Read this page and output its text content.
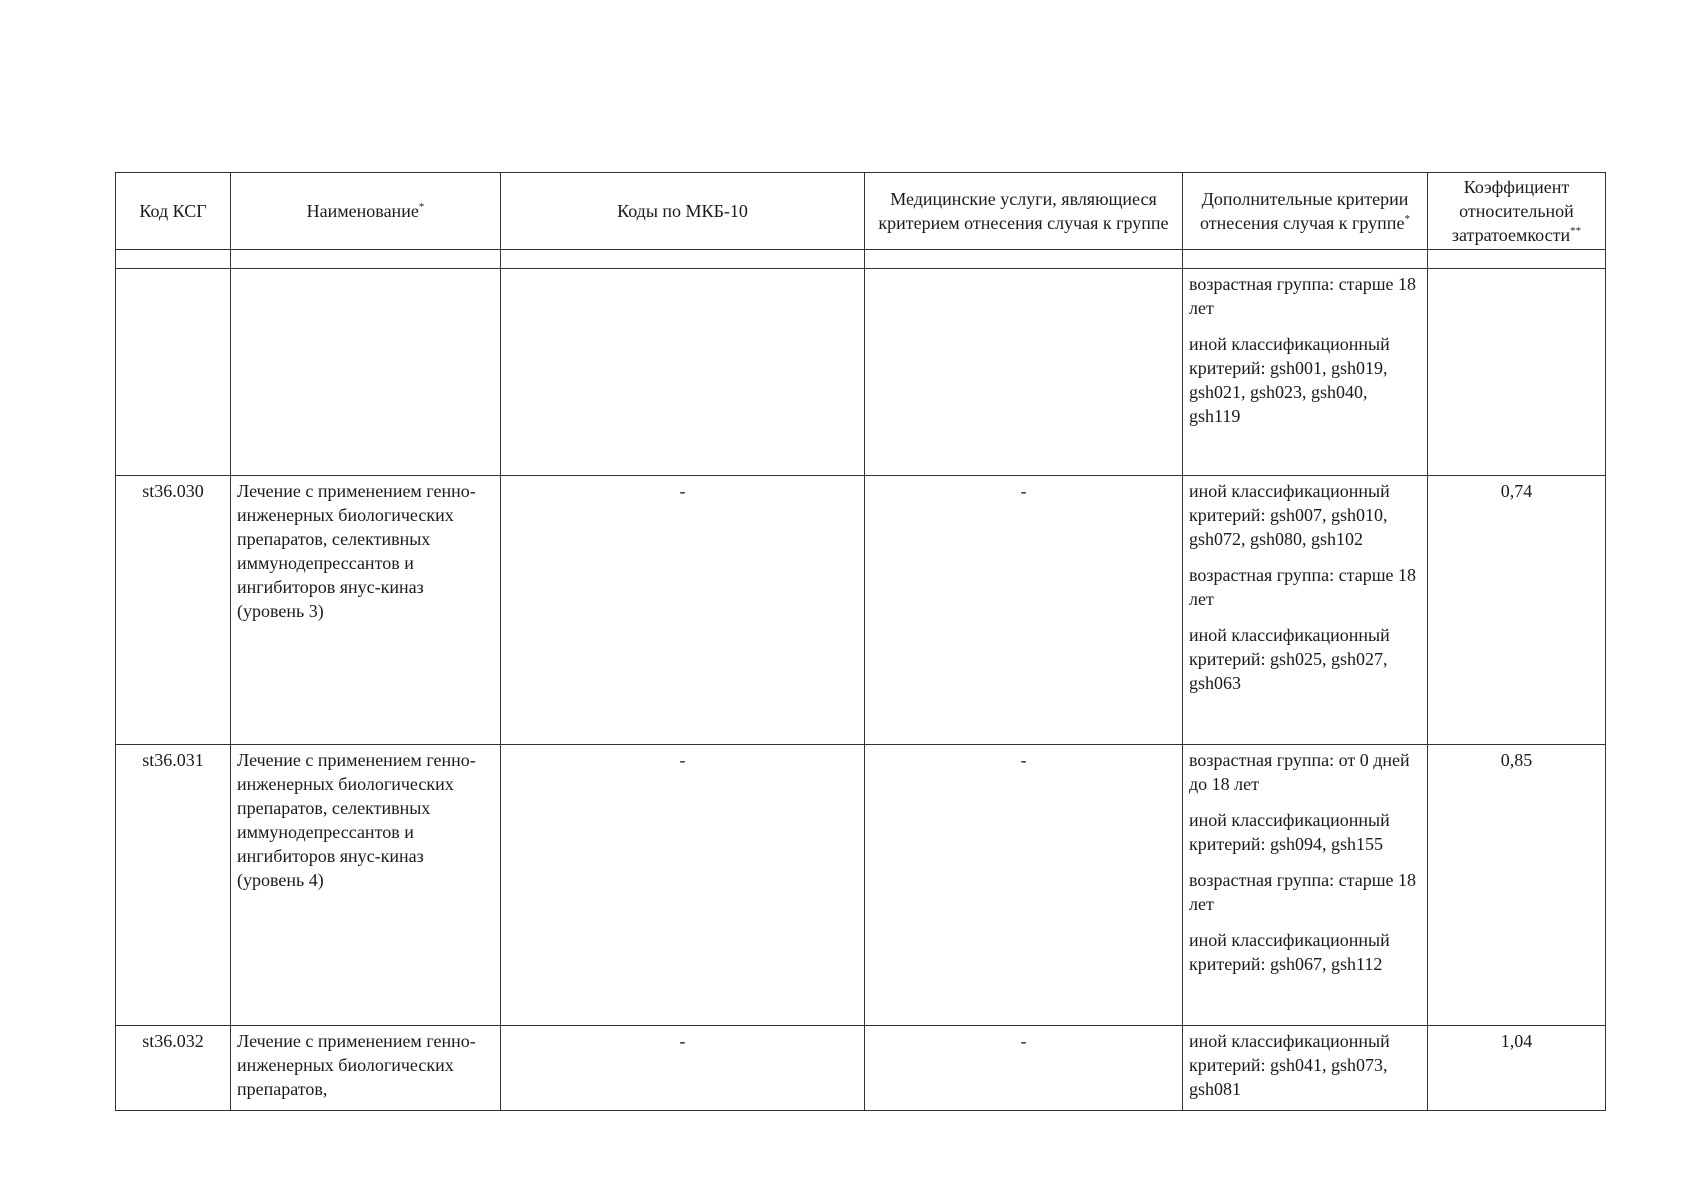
Код КСГ	Наименование*	Коды по МКБ-10	Медицинские услуги, являющиеся критерием отнесения случая к группе	Дополнительные критерии отнесения случая к группе*	Коэффициент относительной затратоемкости**

				возрастная группа: старше 18 лет

иной классификационный критерий: gsh001, gsh019, gsh021, gsh023, gsh040, gsh119	

st36.030	Лечение с применением генно-инженерных биологических препаратов, селективных иммунодепрессантов и ингибиторов янус-киназ (уровень 3)	-	-	иной классификационный критерий: gsh007, gsh010, gsh072, gsh080, gsh102

возрастная группа: старше 18 лет

иной классификационный критерий: gsh025, gsh027, gsh063	0,74
st36.031	Лечение с применением генно-инженерных биологических препаратов, селективных иммунодепрессантов и ингибиторов янус-киназ (уровень 4)	-	-	возрастная группа: от 0 дней до 18 лет

иной классификационный критерий: gsh094, gsh155

возрастная группа: старше 18 лет

иной классификационный критерий: gsh067, gsh112	0,85
st36.032	Лечение с применением генно-инженерных биологических препаратов,	-	-	иной классификационный критерий: gsh041, gsh073, gsh081	1,04
